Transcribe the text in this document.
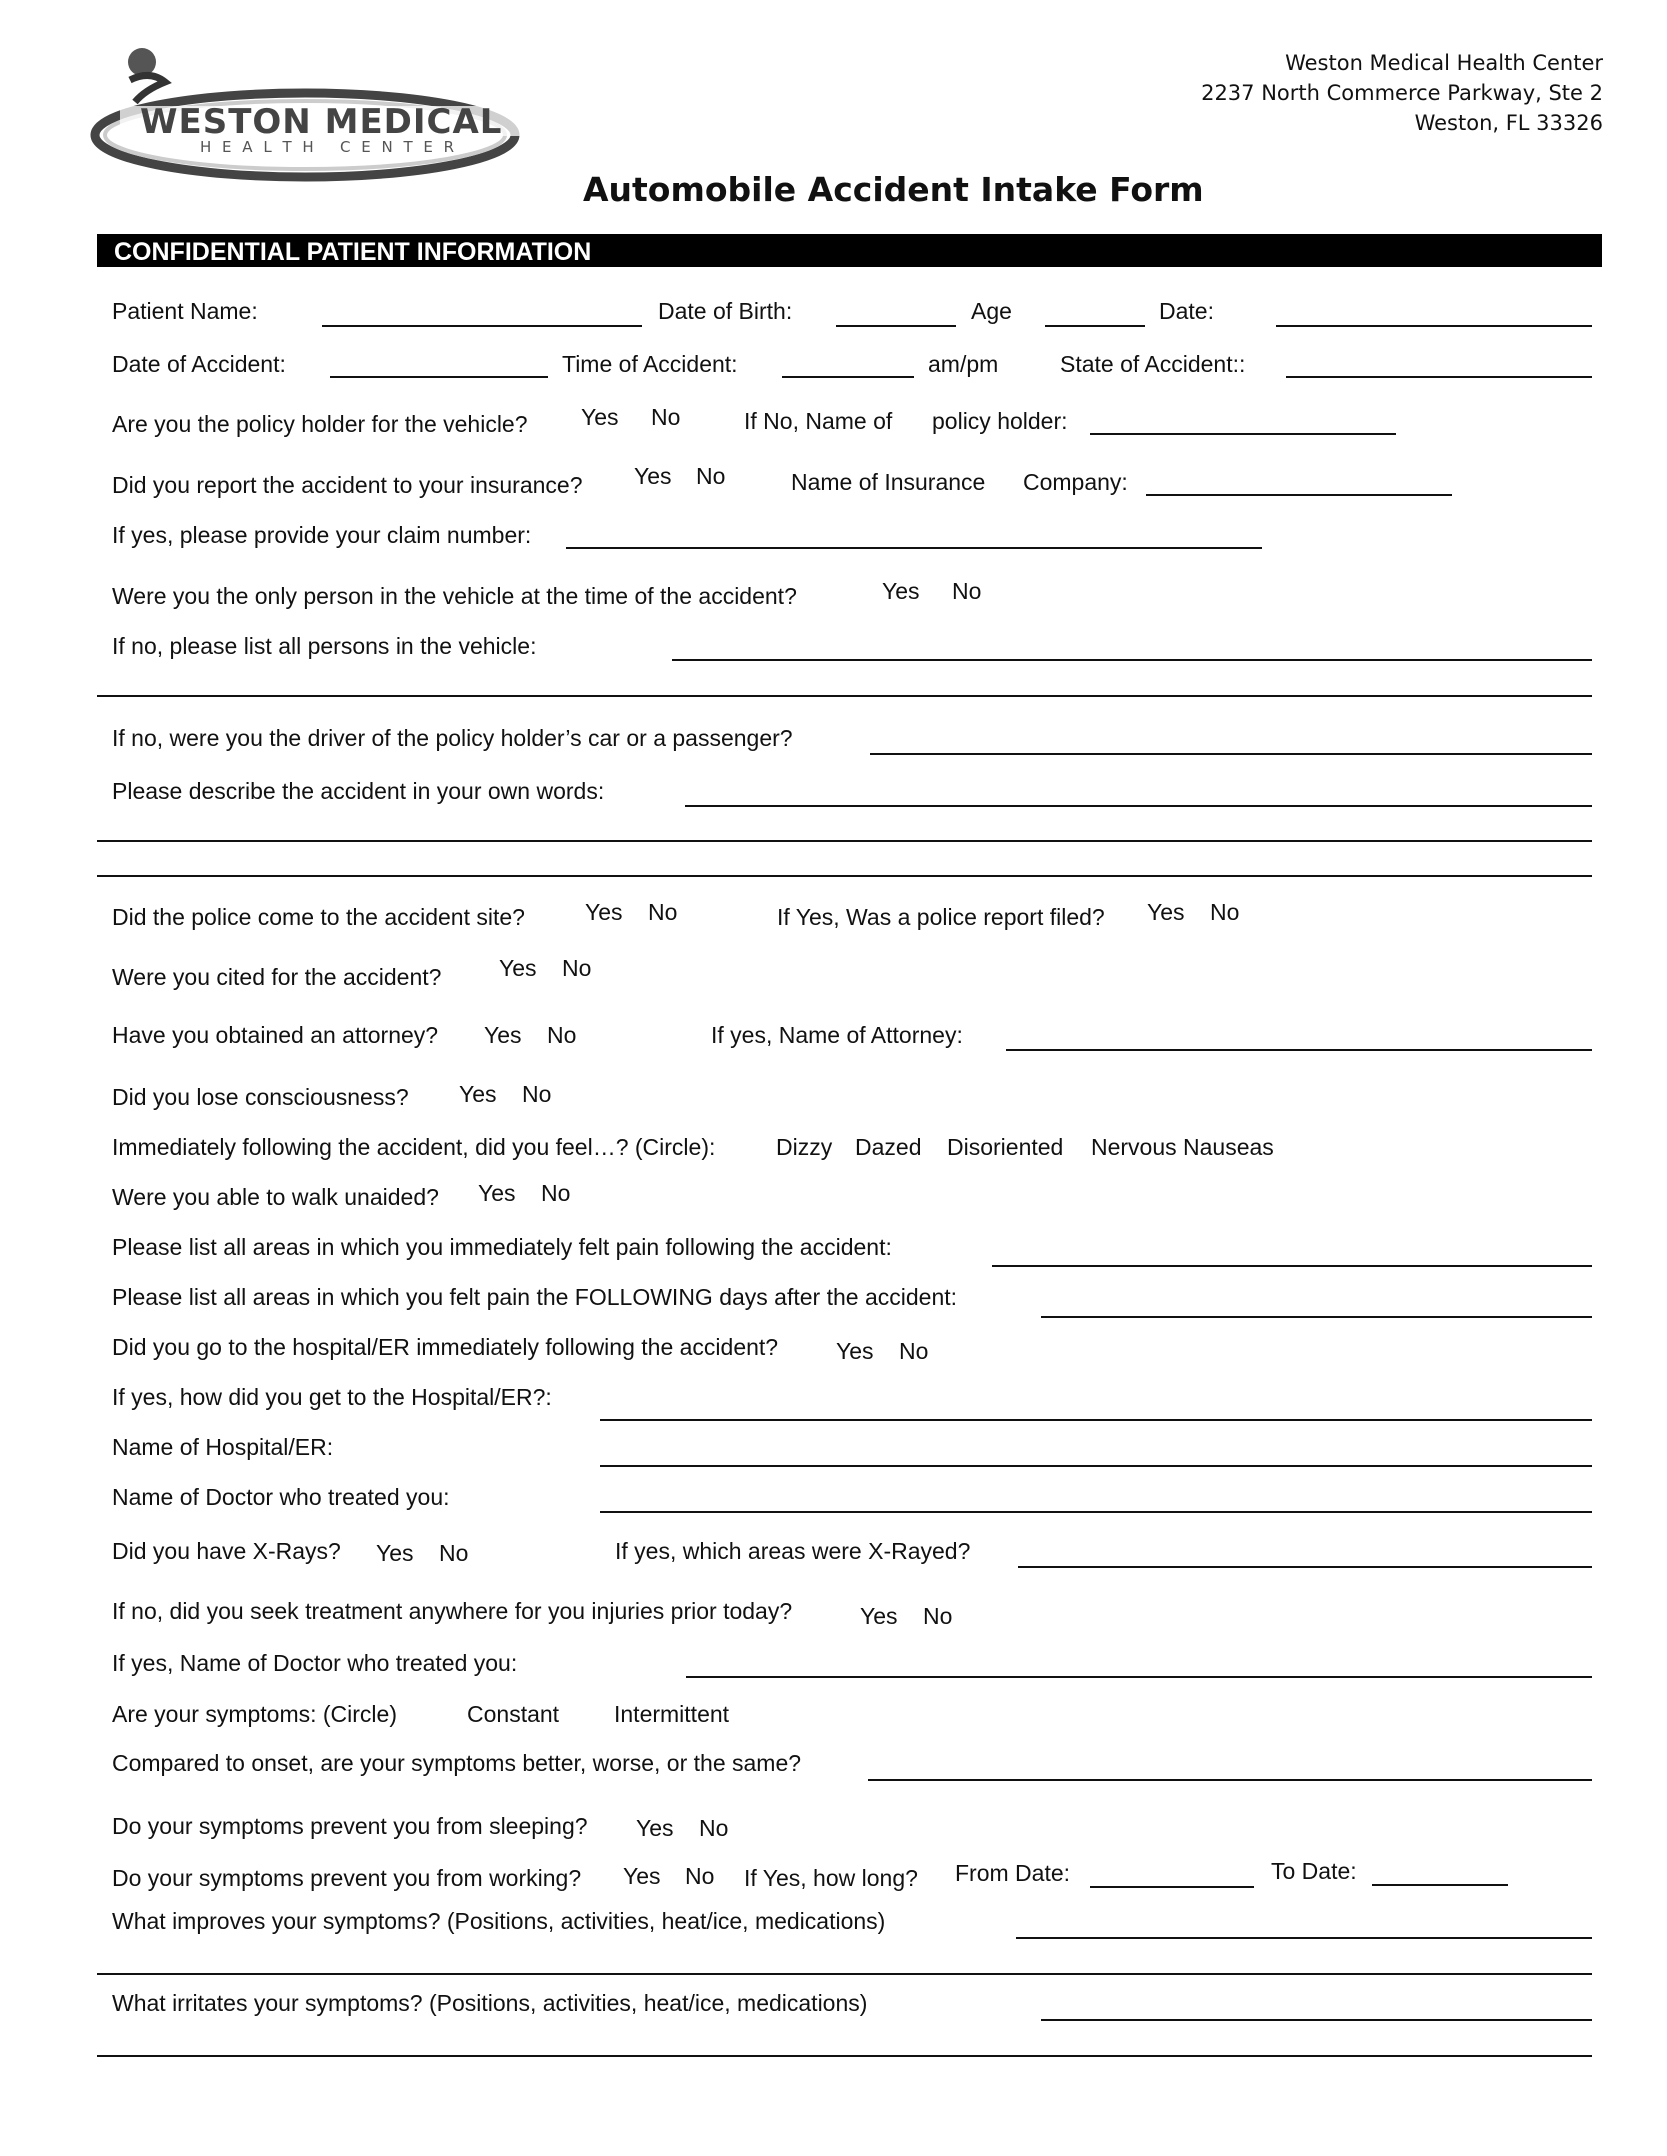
WESTON MEDICAL
H E A L T H   C E N T E R
Weston Medical Health Center
2237 North Commerce Parkway, Ste 2
Weston, FL 33326
Automobile Accident Intake Form
CONFIDENTIAL PATIENT INFORMATION
Patient Name:	Date of Birth:	Age	Date:
Date of Accident:	Time of Accident:	am/pm	State of Accident::
Are you the policy holder for the vehicle? Yes No	If No, Name of policy holder:
Did you report the accident to your insurance? Yes No	Name of Insurance Company:
If yes, please provide your claim number:
Were you the only person in the vehicle at the time of the accident?	Yes No
If no, please list all persons in the vehicle:
If no, were you the driver of the policy holder’s car or a passenger?
Please describe the accident in your own words:
Did the police come to the accident site?	Yes No	If Yes, Was a police report filed? Yes No
Were you cited for the accident?	Yes No
Have you obtained an attorney? Yes No	If yes, Name of Attorney:
Did you lose consciousness? Yes No
Immediately following the accident, did you feel…? (Circle):	Dizzy Dazed Disoriented Nervous Nauseas
Were you able to walk unaided? Yes No
Please list all areas in which you immediately felt pain following the accident:
Please list all areas in which you felt pain the FOLLOWING days after the accident:
Did you go to the hospital/ER immediately following the accident?	Yes No
If yes, how did you get to the Hospital/ER?:
Name of Hospital/ER:
Name of Doctor who treated you:
Did you have X-Rays? Yes No	If yes, which areas were X-Rayed?
If no, did you seek treatment anywhere for you injuries prior today?	Yes No
If yes, Name of Doctor who treated you:
Are your symptoms: (Circle)	Constant Intermittent
Compared to onset, are your symptoms better, worse, or the same?
Do your symptoms prevent you from sleeping? Yes No
Do your symptoms prevent you from working? Yes No If Yes, how long? From Date:	To Date:
What improves your symptoms? (Positions, activities, heat/ice, medications)
What irritates your symptoms? (Positions, activities, heat/ice, medications)
